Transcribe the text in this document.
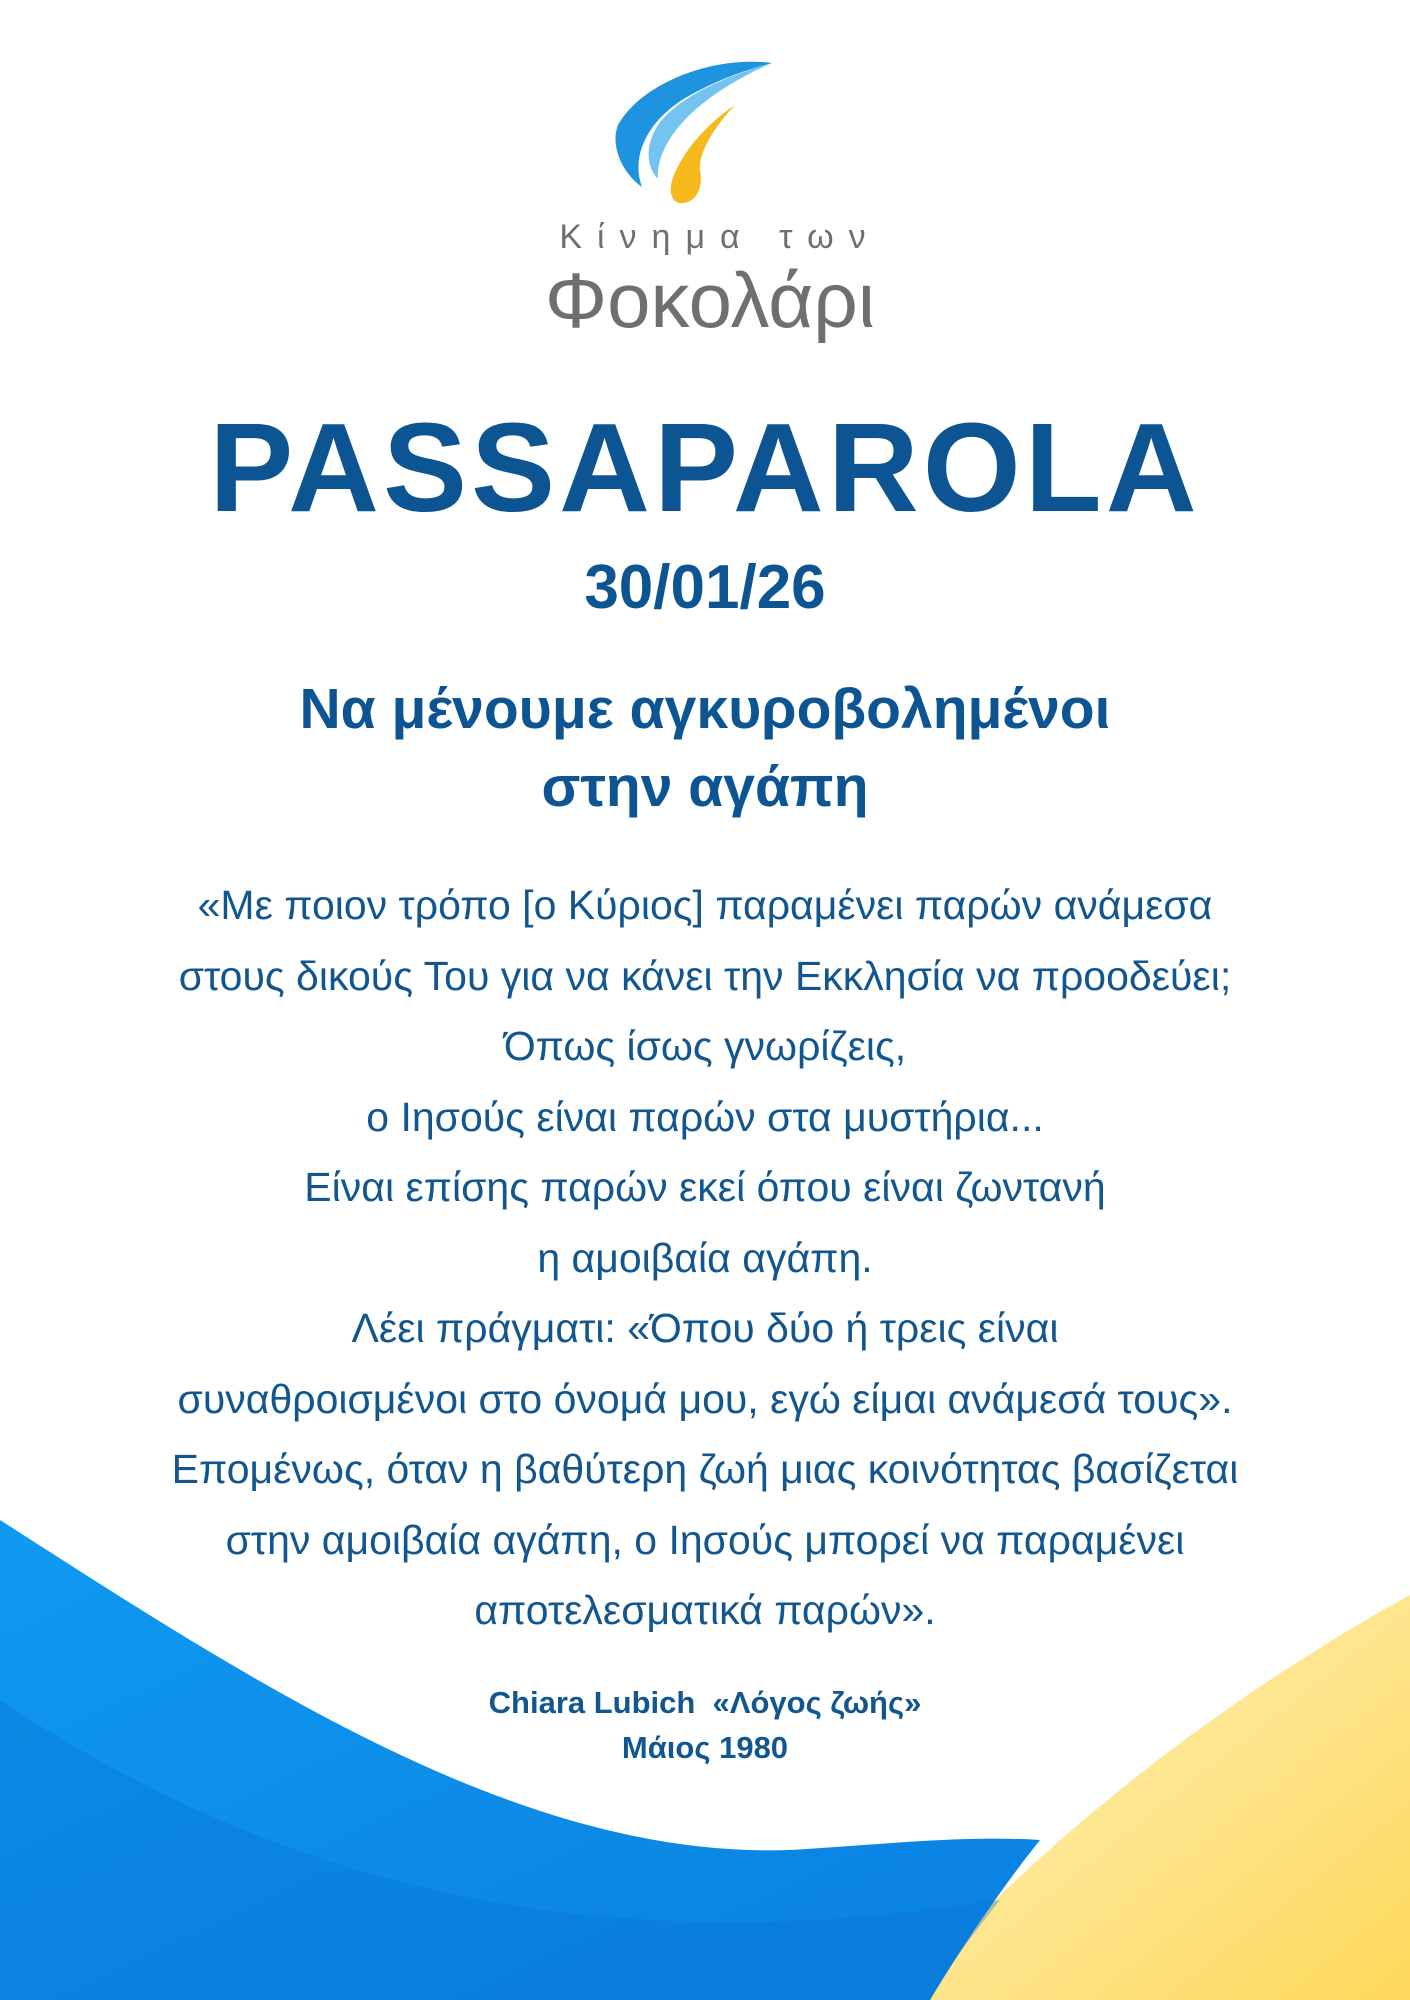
Κίνημα των
Φοκολάρι
PASSAPAROLA
30/01/26
Να μένουμε αγκυροβολημένοι
στην αγάπη
«Με ποιον τρόπο [ο Κύριος] παραμένει παρών ανάμεσα
στους δικούς Του για να κάνει την Εκκλησία να προοδεύει;
Όπως ίσως γνωρίζεις,
ο Ιησούς είναι παρών στα μυστήρια...
Είναι επίσης παρών εκεί όπου είναι ζωντανή
η αμοιβαία αγάπη.
Λέει πράγματι: «Όπου δύο ή τρεις είναι
συναθροισμένοι στο όνομά μου, εγώ είμαι ανάμεσά τους».
Επομένως, όταν η βαθύτερη ζωή μιας κοινότητας βασίζεται
στην αμοιβαία αγάπη, ο Ιησούς μπορεί να παραμένει
αποτελεσματικά παρών».
Chiara Lubich  «Λόγος ζωής»
Μάιος 1980
